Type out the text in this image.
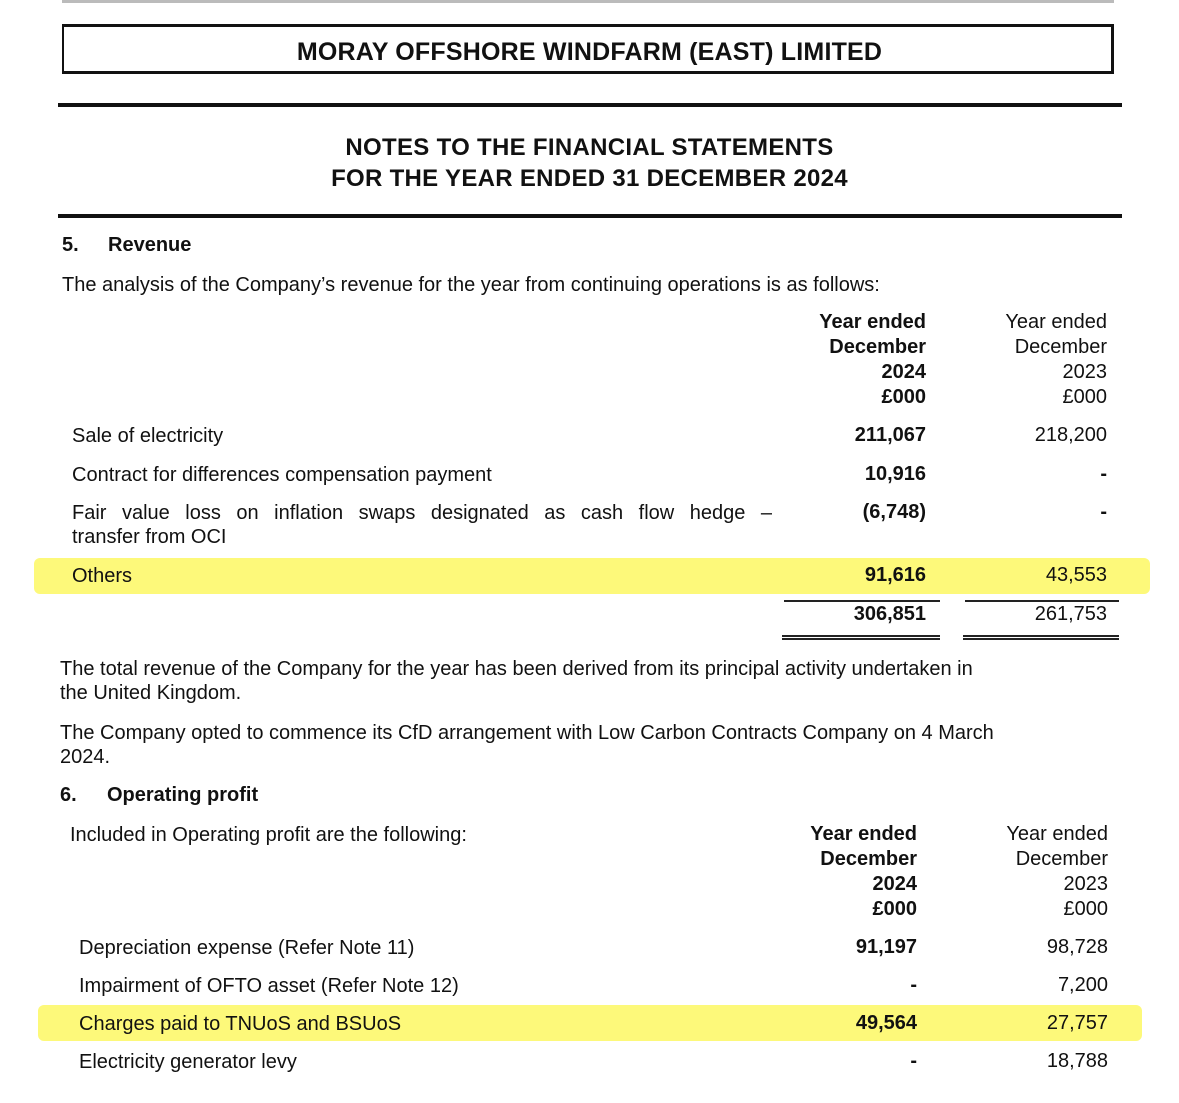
MORAY OFFSHORE WINDFARM (EAST) LIMITED
NOTES TO THE FINANCIAL STATEMENTS
FOR THE YEAR ENDED 31 DECEMBER 2024
5. Revenue
The analysis of the Company’s revenue for the year from continuing operations is as follows:
Year ended
December
2024
£000
Year ended
December
2023
£000
Sale of electricity	211,067	218,200
Contract for differences compensation payment	10,916	-
Fair value loss on inflation swaps designated as cash flow hedge –
transfer from OCI
(6,748)	-
Others	91,616	43,553
306,851	261,753
The total revenue of the Company for the year has been derived from its principal activity undertaken in
the United Kingdom.
The Company opted to commence its CfD arrangement with Low Carbon Contracts Company on 4 March
2024.
6. Operating profit
Included in Operating profit are the following:	Year ended
December
2024
£000
Year ended
December
2023
£000
Depreciation expense (Refer Note 11)	91,197	98,728
Impairment of OFTO asset (Refer Note 12)	-	7,200
Charges paid to TNUoS and BSUoS	49,564	27,757
Electricity generator levy	-	18,788
